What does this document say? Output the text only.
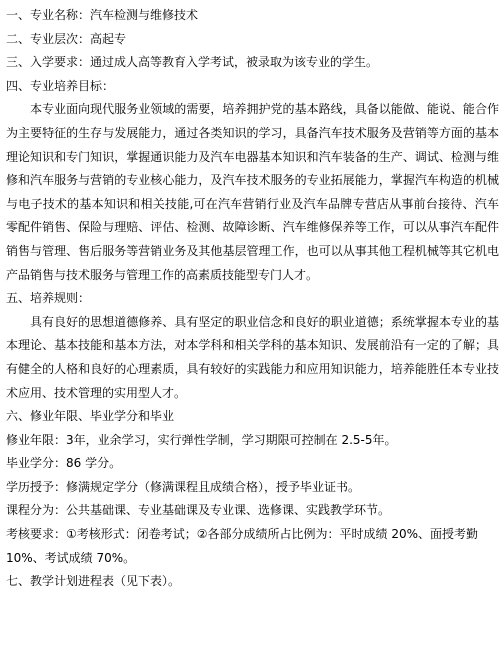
一、专业名称：汽车检测与维修技术
二、专业层次：高起专
三、入学要求：通过成人高等教育入学考试，被录取为该专业的学生。
四、专业培养目标：
本专业面向现代服务业领域的需要，培养拥护党的基本路线，具备以能做、能说、能合作为主要特征的生存与发展能力，通过各类知识的学习，具备汽车技术服务及营销等方面的基本理论知识和专门知识，掌握通识能力及汽车电器基本知识和汽车装备的生产、调试、检测与维修和汽车服务与营销的专业核心能力，及汽车技术服务的专业拓展能力，掌握汽车构造的机械与电子技术的基本知识和相关技能,可在汽车营销行业及汽车品牌专营店从事前台接待、汽车零配件销售、保险与理赔、评估、检测、故障诊断、汽车维修保养等工作，可以从事汽车配件销售与管理、售后服务等营销业务及其他基层管理工作，也可以从事其他工程机械等其它机电产品销售与技术服务与管理工作的高素质技能型专门人才。
五、培养规则：
具有良好的思想道德修养、具有坚定的职业信念和良好的职业道德；系统掌握本专业的基本理论、基本技能和基本方法，对本学科和相关学科的基本知识、发展前沿有一定的了解；具有健全的人格和良好的心理素质，具有较好的实践能力和应用知识能力，培养能胜任本专业技术应用、技术管理的实用型人才。
六、修业年限、毕业学分和毕业
修业年限：3年，业余学习，实行弹性学制，学习期限可控制在 2.5-5年。
毕业学分：86 学分。
学历授予：修满规定学分（修满课程且成绩合格），授予毕业证书。
课程分为：公共基础课、专业基础课及专业课、选修课、实践教学环节。
考核要求：①考核形式：闭卷考试；②各部分成绩所占比例为：平时成绩 20%、面授考勤
10%、考试成绩 70%。
七、教学计划进程表（见下表）。
